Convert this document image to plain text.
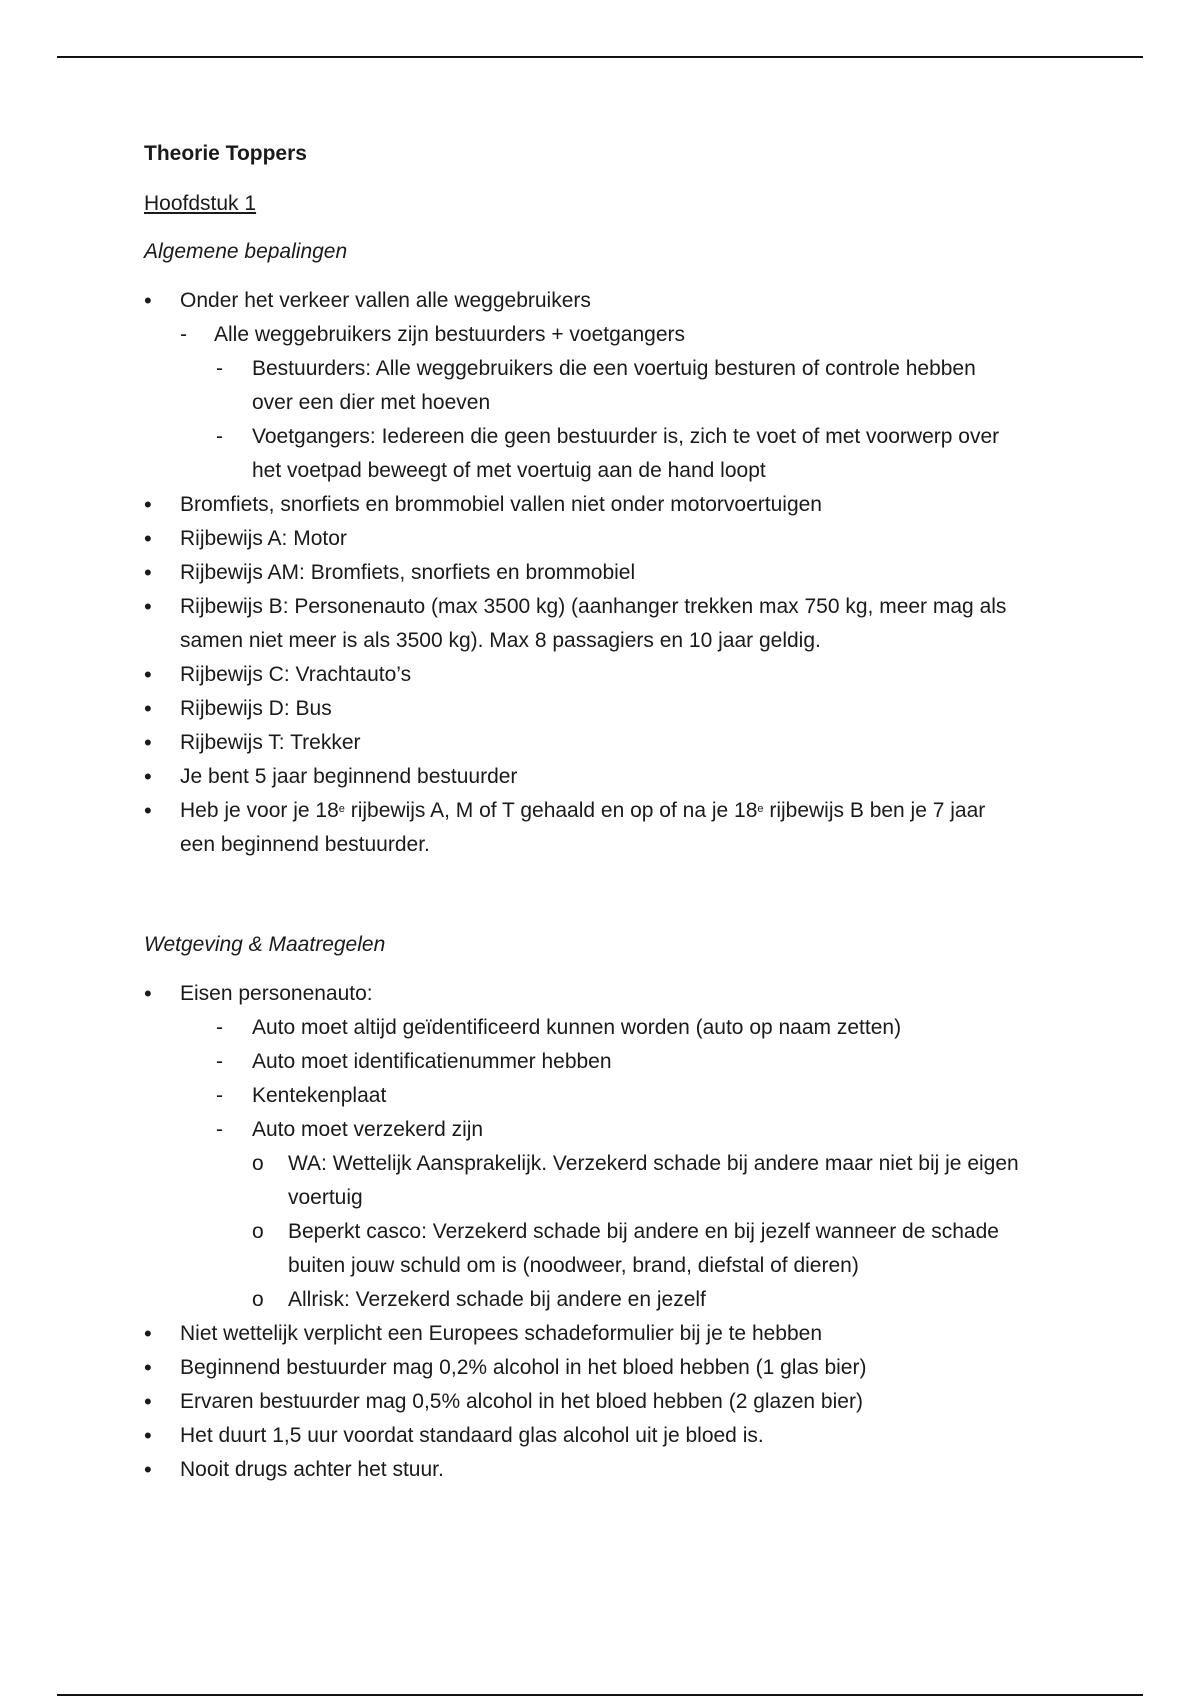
Theorie Toppers
Hoofdstuk 1
Algemene bepalingen
• Onder het verkeer vallen alle weggebruikers
- Alle weggebruikers zijn bestuurders + voetgangers
- Bestuurders: Alle weggebruikers die een voertuig besturen of controle hebben
over een dier met hoeven
- Voetgangers: Iedereen die geen bestuurder is, zich te voet of met voorwerp over
het voetpad beweegt of met voertuig aan de hand loopt
• Bromfiets, snorfiets en brommobiel vallen niet onder motorvoertuigen
• Rijbewijs A: Motor
• Rijbewijs AM: Bromfiets, snorfiets en brommobiel
• Rijbewijs B: Personenauto (max 3500 kg) (aanhanger trekken max 750 kg, meer mag als
samen niet meer is als 3500 kg). Max 8 passagiers en 10 jaar geldig.
• Rijbewijs C: Vrachtauto’s
• Rijbewijs D: Bus
• Rijbewijs T: Trekker
• Je bent 5 jaar beginnend bestuurder
• Heb je voor je 18e rijbewijs A, M of T gehaald en op of na je 18e rijbewijs B ben je 7 jaar
een beginnend bestuurder.
Wetgeving & Maatregelen
• Eisen personenauto:
- Auto moet altijd geïdentificeerd kunnen worden (auto op naam zetten)
- Auto moet identificatienummer hebben
- Kentekenplaat
- Auto moet verzekerd zijn
o WA: Wettelijk Aansprakelijk. Verzekerd schade bij andere maar niet bij je eigen
voertuig
o Beperkt casco: Verzekerd schade bij andere en bij jezelf wanneer de schade
buiten jouw schuld om is (noodweer, brand, diefstal of dieren)
o Allrisk: Verzekerd schade bij andere en jezelf
• Niet wettelijk verplicht een Europees schadeformulier bij je te hebben
• Beginnend bestuurder mag 0,2% alcohol in het bloed hebben (1 glas bier)
• Ervaren bestuurder mag 0,5% alcohol in het bloed hebben (2 glazen bier)
• Het duurt 1,5 uur voordat standaard glas alcohol uit je bloed is.
• Nooit drugs achter het stuur.
